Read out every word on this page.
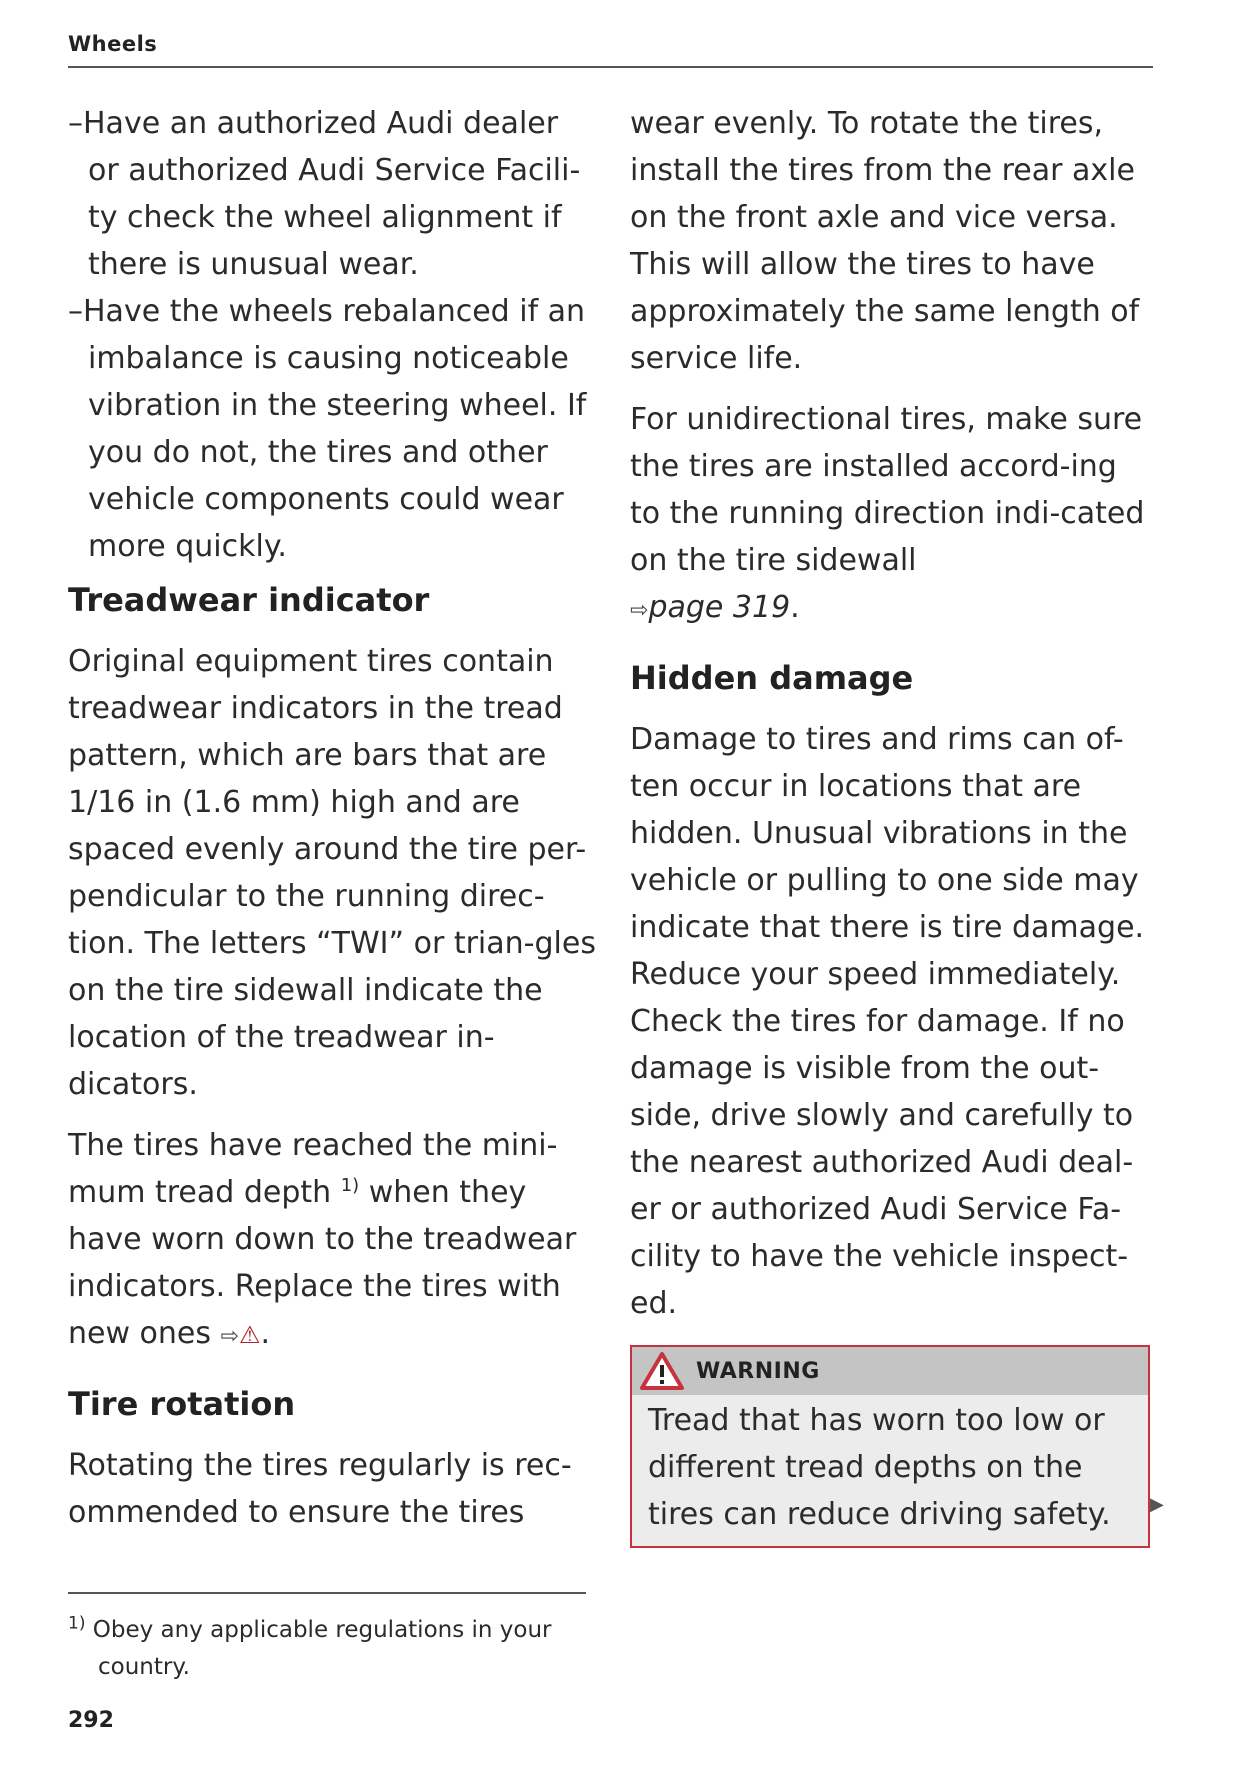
Wheels

–Have an authorized Audi dealer or authorized Audi Service Facili-ty check the wheel alignment if there is unusual wear.

–Have the wheels rebalanced if an imbalance is causing noticeable vibration in the steering wheel. If you do not, the tires and other vehicle components could wear more quickly.

Treadwear indicator

Original equipment tires contain treadwear indicators in the tread pattern, which are bars that are 1/16 in (1.6 mm) high and are spaced evenly around the tire per-pendicular to the running direc-tion. The letters “TWI” or trian-gles on the tire sidewall indicate the location of the treadwear in-dicators.

The tires have reached the mini-mum tread depth $^{1)}$ when they have worn down to the treadwear indicators. Replace the tires with new ones ⇨⚠.

Tire rotation

Rotating the tires regularly is rec-ommended to ensure the tires

wear evenly. To rotate the tires, install the tires from the rear axle on the front axle and vice versa. This will allow the tires to have approximately the same length of service life.

For unidirectional tires, make sure the tires are installed accord-ing to the running direction indi-cated on the tire sidewall
⇨page 319.

Hidden damage

Damage to tires and rims can of-ten occur in locations that are hidden. Unusual vibrations in the vehicle or pulling to one side may indicate that there is tire damage. Reduce your speed immediately. Check the tires for damage. If no damage is visible from the out-side, drive slowly and carefully to the nearest authorized Audi deal-er or authorized Audi Service Fa-cility to have the vehicle inspect-ed.

WARNING
Tread that has worn too low or different tread depths on the tires can reduce driving safety.	▶
$^{1)}$ Obey any applicable regulations in your country.
292
